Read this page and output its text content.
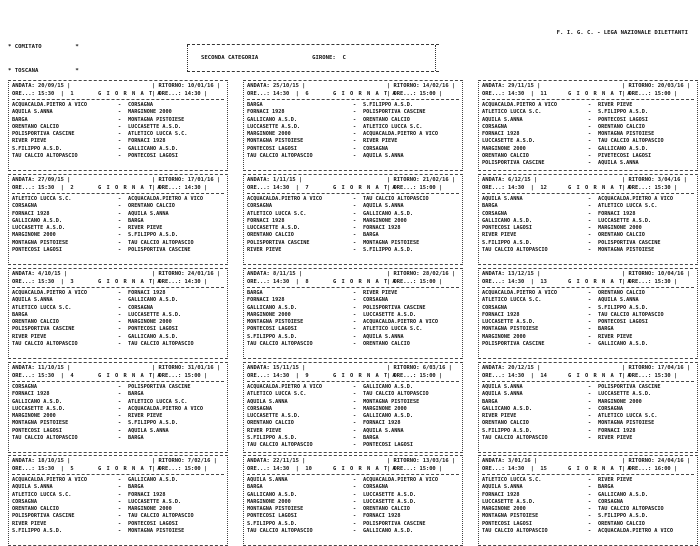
* COMITATO          *

* TOSCANA           *

F. I. G. C. - LEGA NAZIONALE DILETTANTI
SECONDA CATEGORIA	GIRONE: C
ANDATA: 20/09/15 |	| RITORNO: 10/01/16 |
ORE...: 15:30  |  1	G I O R N A T A
| ORE...: 14:30 |
ACQUACALDA.PIETRO A VICO	- CORSAGNA
AQUILA S.ANNA	- MARGINONE 2000
BARGA	- MONTAGNA PISTOIESE
ORENTANO CALCIO	- LUCCASETTE A.S.D.
POLISPORTIVA CASCINE	- ATLETICO LUCCA S.C.
RIVER PIEVE	- FORNACI 1928
S.FILIPPO A.S.D.	- GALLICANO A.S.D.
TAU CALCIO ALTOPASCIO	- PONTECOSI LAGOSI
ANDATA: 25/10/15 |	| RITORNO: 14/02/16 |
ORE...: 14:30  |  6	G I O R N A T A
| ORE...: 15:00 |
BARGA	- S.FILIPPO A.S.D.
FORNACI 1928	- POLISPORTIVA CASCINE
GALLICANO A.S.D.	- ORENTANO CALCIO
LUCCASETTE A.S.D.	- ATLETICO LUCCA S.C.
MARGINONE 2000	- ACQUACALDA.PIETRO A VICO
MONTAGNA PISTOIESE	- RIVER PIEVE
PONTECOSI LAGOSI	- CORSAGNA
TAU CALCIO ALTOPASCIO	- AQUILA S.ANNA
ANDATA: 29/11/15 |	| RITORNO: 20/03/16 |
ORE...: 14:30  |  11	G I O R N A T A
| ORE...: 15:00 |
ACQUACALDA.PIETRO A VICO	- RIVER PIEVE
ATLETICO LUCCA S.C.	- S.FILIPPO A.S.D.
AQUILA S.ANNA	- PONTECOSI LAGOSI
CORSAGNA	- ORENTANO CALCIO
FORNACI 1928	- MONTAGNA PISTOIESE
LUCCASETTE A.S.D.	- TAU CALCIO ALTOPASCIO
MARGINONE 2000	- GALLICANO A.S.D.
ORENTANO CALCIO	- PIVETECOSI LAGOSI
POLISPORTIVA CASCINE	- AQUILA S.ANNA
ANDATA: 27/09/15 |	| RITORNO: 17/01/16 |
ORE...: 15:30  |  2	G I O R N A T A
| ORE...: 14:30 |
ATLETICO LUCCA S.C.	- ACQUACALDA.PIETRO A VICO
CORSAGNA	- ORENTANO CALCIO
FORNACI 1928	- AQUILA S.ANNA
GALLICANO A.S.D.	- BARGA
LUCCASETTE A.S.D.	- RIVER PIEVE
MARGINONE 2000	- S.FILIPPO A.S.D.
MONTAGNA PISTOIESE	- TAU CALCIO ALTOPASCIO
PONTECOSI LAGOSI	- POLISPORTIVA CASCINE
ANDATA: 1/11/15 |	| RITORNO: 21/02/16 |
ORE...: 14:30  |  7	G I O R N A T A
| ORE...: 15:00 |
ACQUACALDA.PIETRO A VICO	- TAU CALCIO ALTOPASCIO
CORSAGNA	- AQUILA S.ANNA
ATLETICO LUCCA S.C.	- GALLICANO A.S.D.
FORNACI 1928	- MARGINONE 2000
LUCCASETTE A.S.D.	- FORNACI 1928
ORENTANO CALCIO	- BARGA
POLISPORTIVA CASCINE	- MONTAGNA PISTOIESE
RIVER PIEVE	- S.FILIPPO A.S.D.
ANDATA: 6/12/15 |	| RITORNO: 3/04/16 |
ORE...: 14:30  |  12	G I O R N A T A
| ORE...: 15:30 |
AQUILA S.ANNA	- ACQUACALDA.PIETRO A VICO
BARGA	- ATLETICO LUCCA S.C.
CORSAGNA	- FORNACI 1928
GALLICANO A.S.D.	- LUCCASETTE A.S.D.
PONTECOSI LAGOSI	- MARGINONE 2000
RIVER PIEVE	- ORENTANO CALCIO
S.FILIPPO A.S.D.	- POLISPORTIVA CASCINE
TAU CALCIO ALTOPASCIO	- MONTAGNA PISTOIESE
ANDATA: 4/10/15 |	| RITORNO: 24/01/16 |
ORE...: 15:30  |  3	G I O R N A T A
| ORE...: 14:30 |
ACQUACALDA.PIETRO A VICO	- FORNACI 1928
AQUILA S.ANNA	- GALLICANO A.S.D.
ATLETICO LUCCA S.C.	- CORSAGNA
BARGA	- LUCCASETTE A.S.D.
ORENTANO CALCIO	- MARGINONE 2000
POLISPORTIVA CASCINE	- PONTECOSI LAGOSI
RIVER PIEVE	- GALLICANO A.S.D.
TAU CALCIO ALTOPASCIO	- TAU CALCIO ALTOPASCIO
ANDATA: 8/11/15 |	| RITORNO: 28/02/16 |
ORE...: 14:30  |  8	G I O R N A T A
| ORE...: 15:00 |
BARGA	- RIVER PIEVE
FORNACI 1928	- CORSAGNA
GALLICANO A.S.D.	- POLISPORTIVA CASCINE
MARGINONE 2000	- LUCCASETTE A.S.D.
MONTAGNA PISTOIESE	- ACQUACALDA.PIETRO A VICO
PONTECOSI LAGOSI	- ATLETICO LUCCA S.C.
S.FILIPPO A.S.D.	- AQUILA S.ANNA
TAU CALCIO ALTOPASCIO	- ORENTANO CALCIO
ANDATA: 13/12/15 |	| RITORNO: 10/04/16 |
ORE...: 14:30  |  13	G I O R N A T A
| ORE...: 15:30 |
ACQUACALDA.PIETRO A VICO	- ORENTANO CALCIO
ATLETICO LUCCA S.C.	- AQUILA S.ANNA
CORSAGNA	- S.FILIPPO A.S.D.
FORNACI 1928	- TAU CALCIO ALTOPASCIO
LUCCASETTE A.S.D.	- PONTECOSI LAGOSI
MONTAGNA PISTOIESE	- BARGA
MARGINONE 2000	- RIVER PIEVE
POLISPORTIVA CASCINE	- GALLICANO A.S.D.
ANDATA: 11/10/15 |	| RITORNO: 31/01/16 |
ORE...: 15:30  |  4	G I O R N A T A
| ORE...: 15:00 |
CORSAGNA	- POLISPORTIVA CASCINE
FORNACI 1928	- BARGA
GALLICANO A.S.D.	- ATLETICO LUCCA S.C.
LUCCASETTE A.S.D.	- ACQUACALDA.PIETRO A VICO
MARGINONE 2000	- RIVER PIEVE
MONTAGNA PISTOIESE	- S.FILIPPO A.S.D.
PONTECOSI LAGOSI	- AQUILA S.ANNA
TAU CALCIO ALTOPASCIO	- BARGA
ANDATA: 15/11/15 |	| RITORNO: 6/03/16 |
ORE...: 14:30  |  9	G I O R N A T A
| ORE...: 15:00 |
ACQUACALDA.PIETRO A VICO	- GALLICANO A.S.D.
ATLETICO LUCCA S.C.	- TAU CALCIO ALTOPASCIO
AQUILA S.ANNA	- MONTAGNA PISTOIESE
CORSAGNA	- MARGINONE 2000
LUCCASETTE A.S.D.	- GALLICANO A.S.D.
ORENTANO CALCIO	- FORNACI 1928
RIVER PIEVE	- AQUILA S.ANNA
S.FILIPPO A.S.D.	- BARGA
TAU CALCIO ALTOPASCIO	- PONTECOSI LAGOSI
ANDATA: 20/12/15 |	| RITORNO: 17/04/16 |
ORE...: 14:30  |  14	G I O R N A T A
| ORE...: 15:30 |
AQUILA S.ANNA	- POLISPORTIVA CASCINE
AQUILA S.ANNA	- LUCCASETTE A.S.D.
BARGA	- MARGINONE 2000
GALLICANO A.S.D.	- CORSAGNA
RIVER PIEVE	- ATLETICO LUCCA S.C.
ORENTANO CALCIO	- MONTAGNA PISTOIESE
S.FILIPPO A.S.D.	- FORNACI 1928
TAU CALCIO ALTOPASCIO	- RIVER PIEVE
ANDATA: 18/10/15 |	| RITORNO: 7/02/16 |
ORE...: 15:30  |  5	G I O R N A T A
| ORE...: 15:00 |
ACQUACALDA.PIETRO A VICO	- GALLICANO A.S.D.
AQUILA S.ANNA	- BARGA
ATLETICO LUCCA S.C.	- FORNACI 1928
CORSAGNA	- LUCCASETTE A.S.D.
ORENTANO CALCIO	- MARGINONE 2000
POLISPORTIVA CASCINE	- TAU CALCIO ALTOPASCIO
RIVER PIEVE	- PONTECOSI LAGOSI
S.FILIPPO A.S.D.	- MONTAGNA PISTOIESE
ANDATA: 22/11/15 |	| RITORNO: 13/03/16 |
ORE...: 14:30  |  10	G I O R N A T A
| ORE...: 15:00 |
AQUILA S.ANNA	- ACQUACALDA.PIETRO A VICO
BARGA	- CORSAGNA
GALLICANO A.S.D.	- LUCCASETTE A.S.D.
MARGINONE 2000	- LUCCASETTE A.S.D.
MONTAGNA PISTOIESE	- ORENTANO CALCIO
PONTECOSI LAGOSI	- FORNACI 1928
S.FILIPPO A.S.D.	- POLISPORTIVA CASCINE
TAU CALCIO ALTOPASCIO	- GALLICANO A.S.D.
ANDATA: 3/01/16 |	| RITORNO: 24/04/16 |
ORE...: 14:30  |  15	G I O R N A T A
| ORE...: 16:00 |
ATLETICO LUCCA S.C.	- RIVER PIEVE
AQUILA S.ANNA	- BARGA
FORNACI 1928	- GALLICANO A.S.D.
LUCCASETTE A.S.D.	- CORSAGNA
MARGINONE 2000	- TAU CALCIO ALTOPASCIO
MONTAGNA PISTOIESE	- S.FILIPPO A.S.D.
PONTECOSI LAGOSI	- ORENTANO CALCIO
TAU CALCIO ALTOPASCIO	- ACQUACALDA.PIETRO A VICO
